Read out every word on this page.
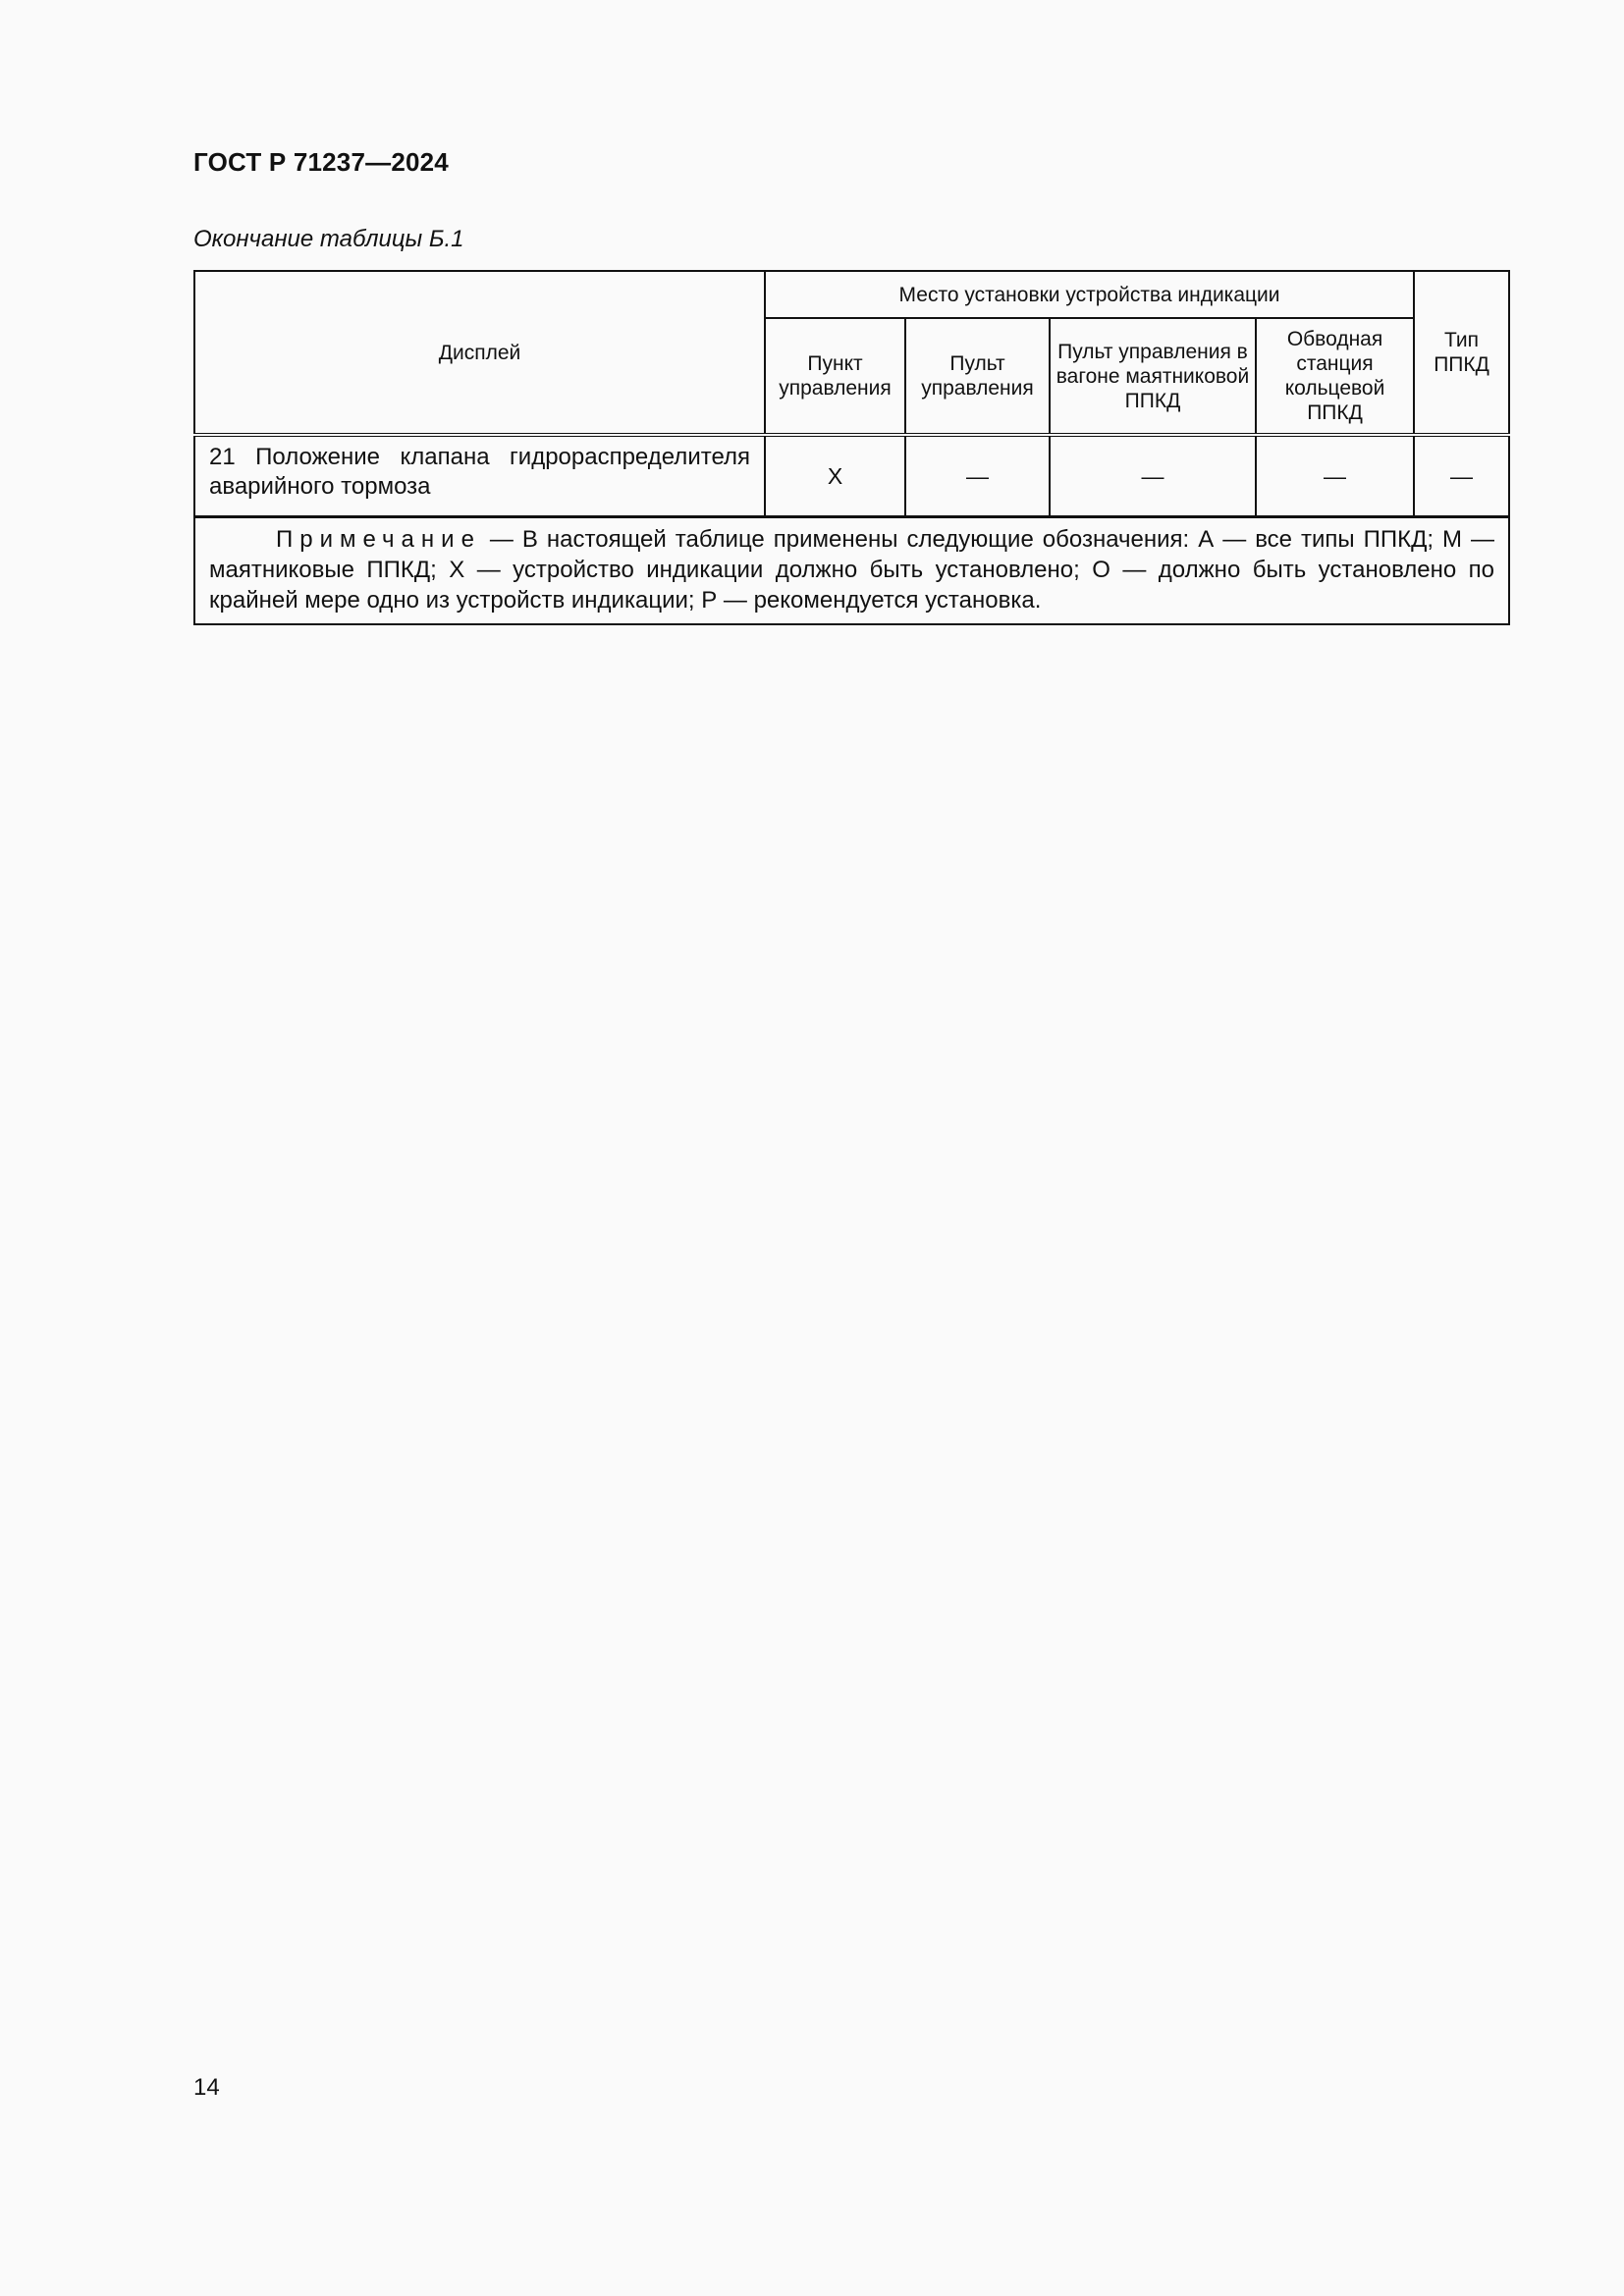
ГОСТ Р 71237—2024
Окончание таблицы Б.1
Дисплей	Место установки устройства индикации				Тип ППКД
	Пункт управления	Пульт управления	Пульт управления в вагоне маятниковой ППКД	Обводная станция кольцевой ППКД	
21 Положение клапана гидрораспределителя аварийного тормоза	X	—	—	—	—
Примечание — В настоящей таблице применены следующие обозначения: А — все типы ППКД; М — маятниковые ППКД; X — устройство индикации должно быть установлено; О — должно быть установлено по крайней мере одно из устройств индикации; Р — рекомендуется установка.					
14
